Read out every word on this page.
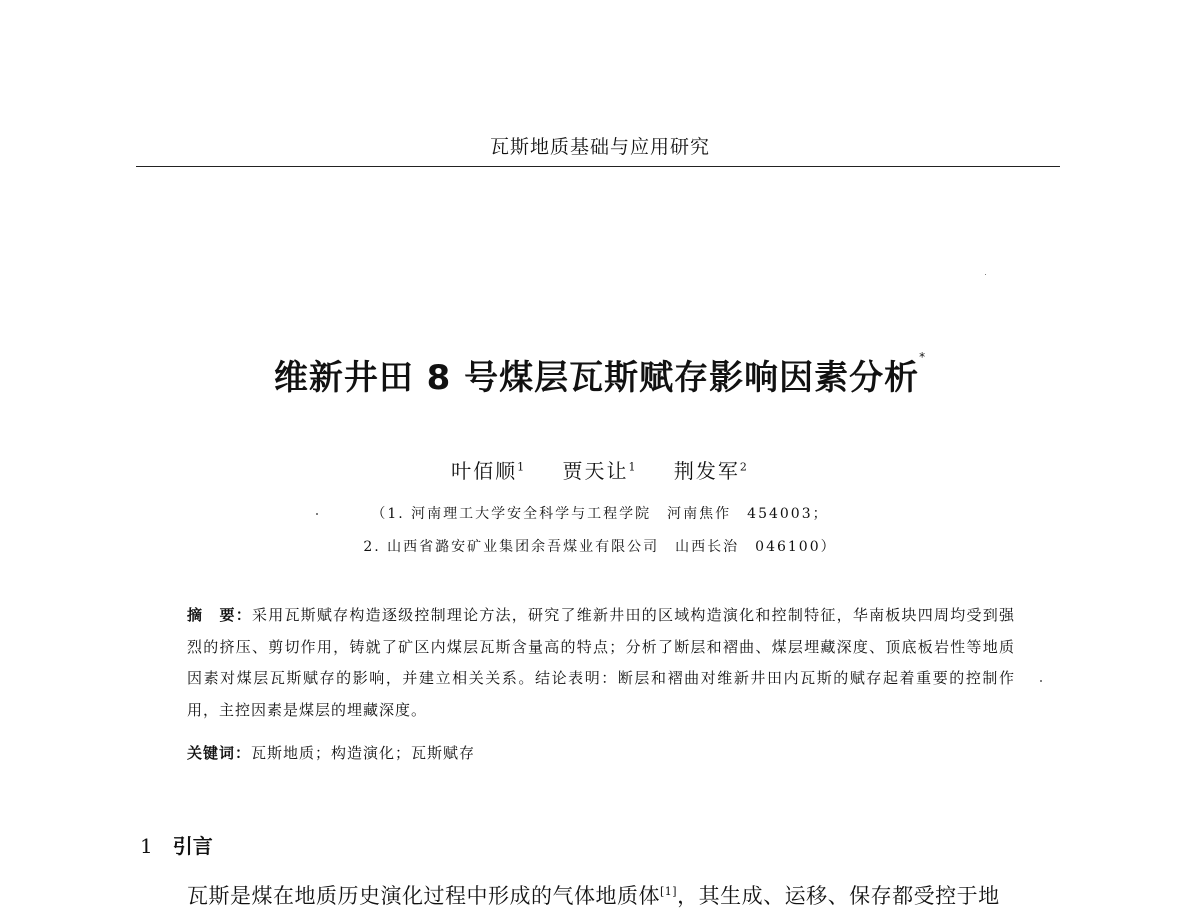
瓦斯地质基础与应用研究
维新井田 8 号煤层瓦斯赋存影响因素分析*
叶佰顺$^1$ 贾天让$^1$ 荆发军$^2$
（1. 河南理工大学安全科学与工程学院　河南焦作　454003；
2. 山西省潞安矿业集团余吾煤业有限公司　山西长治　046100）
摘　要：采用瓦斯赋存构造逐级控制理论方法，研究了维新井田的区域构造演化和控制特征，华南板块四周均受到强烈的挤压、剪切作用，铸就了矿区内煤层瓦斯含量高的特点；分析了断层和褶曲、煤层埋藏深度、顶底板岩性等地质因素对煤层瓦斯赋存的影响，并建立相关关系。结论表明：断层和褶曲对维新井田内瓦斯的赋存起着重要的控制作用，主控因素是煤层的埋藏深度。
关键词：瓦斯地质；构造演化；瓦斯赋存
1 引言
瓦斯是煤在地质历史演化过程中形成的气体地质体[1]，其生成、运移、保存都受控于地
